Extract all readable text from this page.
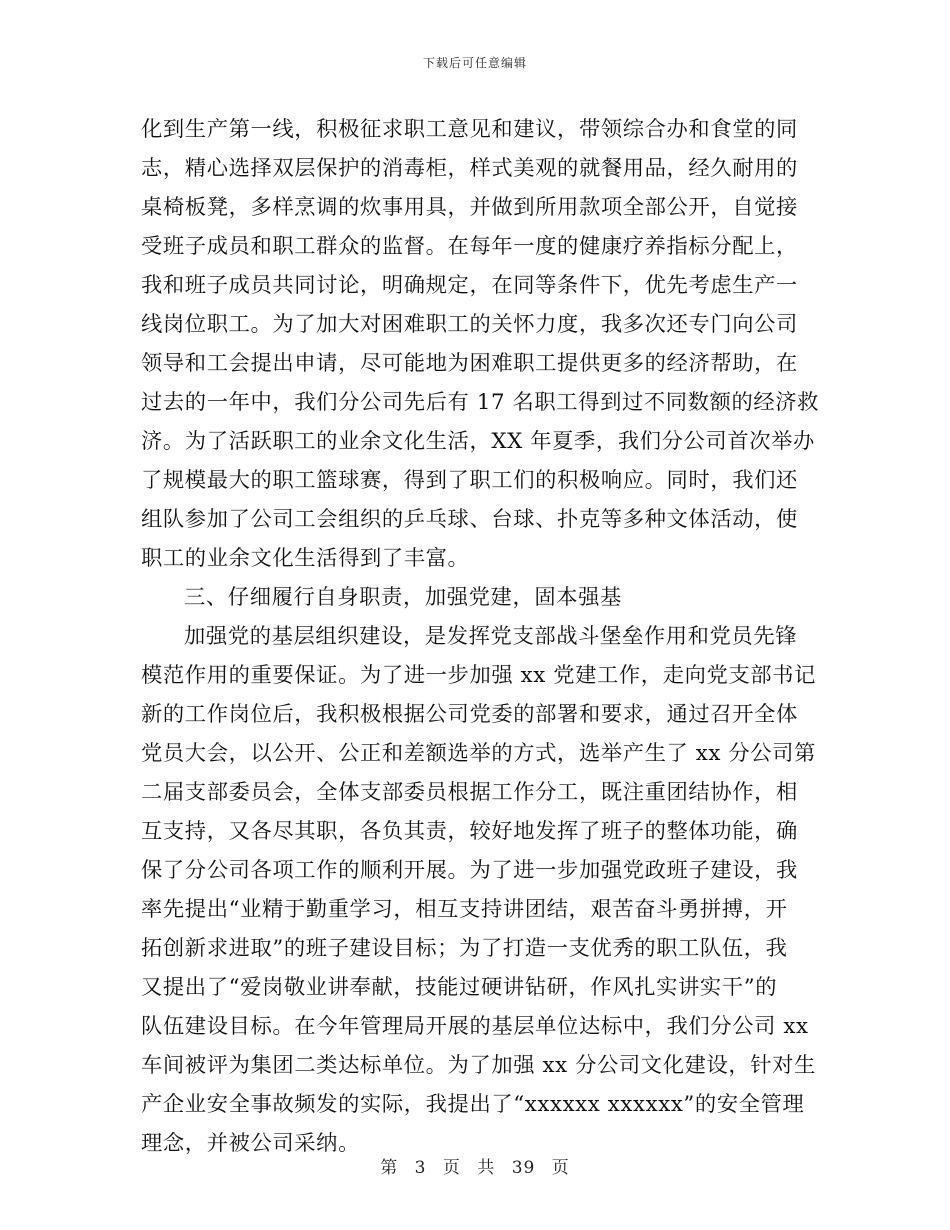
下载后可任意编辑
化到生产第一线，积极征求职工意见和建议，带领综合办和食堂的同
志，精心选择双层保护的消毒柜，样式美观的就餐用品，经久耐用的
桌椅板凳，多样烹调的炊事用具，并做到所用款项全部公开，自觉接
受班子成员和职工群众的监督。在每年一度的健康疗养指标分配上，
我和班子成员共同讨论，明确规定，在同等条件下，优先考虑生产一
线岗位职工。为了加大对困难职工的关怀力度，我多次还专门向公司
领导和工会提出申请，尽可能地为困难职工提供更多的经济帮助，在
过去的一年中，我们分公司先后有 17 名职工得到过不同数额的经济救
济。为了活跃职工的业余文化生活，XX 年夏季，我们分公司首次举办
了规模最大的职工篮球赛，得到了职工们的积极响应。同时，我们还
组队参加了公司工会组织的乒乓球、台球、扑克等多种文体活动，使
职工的业余文化生活得到了丰富。
三、仔细履行自身职责，加强党建，固本强基
加强党的基层组织建设，是发挥党支部战斗堡垒作用和党员先锋
模范作用的重要保证。为了进一步加强 xx 党建工作，走向党支部书记
新的工作岗位后，我积极根据公司党委的部署和要求，通过召开全体
党员大会，以公开、公正和差额选举的方式，选举产生了 xx 分公司第
二届支部委员会，全体支部委员根据工作分工，既注重团结协作，相
互支持，又各尽其职，各负其责，较好地发挥了班子的整体功能，确
保了分公司各项工作的顺利开展。为了进一步加强党政班子建设，我
率先提出“业精于勤重学习，相互支持讲团结，艰苦奋斗勇拼搏，开
拓创新求进取”的班子建设目标；为了打造一支优秀的职工队伍，我
又提出了“爱岗敬业讲奉献，技能过硬讲钻研，作风扎实讲实干”的
队伍建设目标。在今年管理局开展的基层单位达标中，我们分公司 xx
车间被评为集团二类达标单位。为了加强 xx 分公司文化建设，针对生
产企业安全事故频发的实际，我提出了“xxxxxx xxxxxx”的安全管理
理念，并被公司采纳。
第 3 页 共 39 页
